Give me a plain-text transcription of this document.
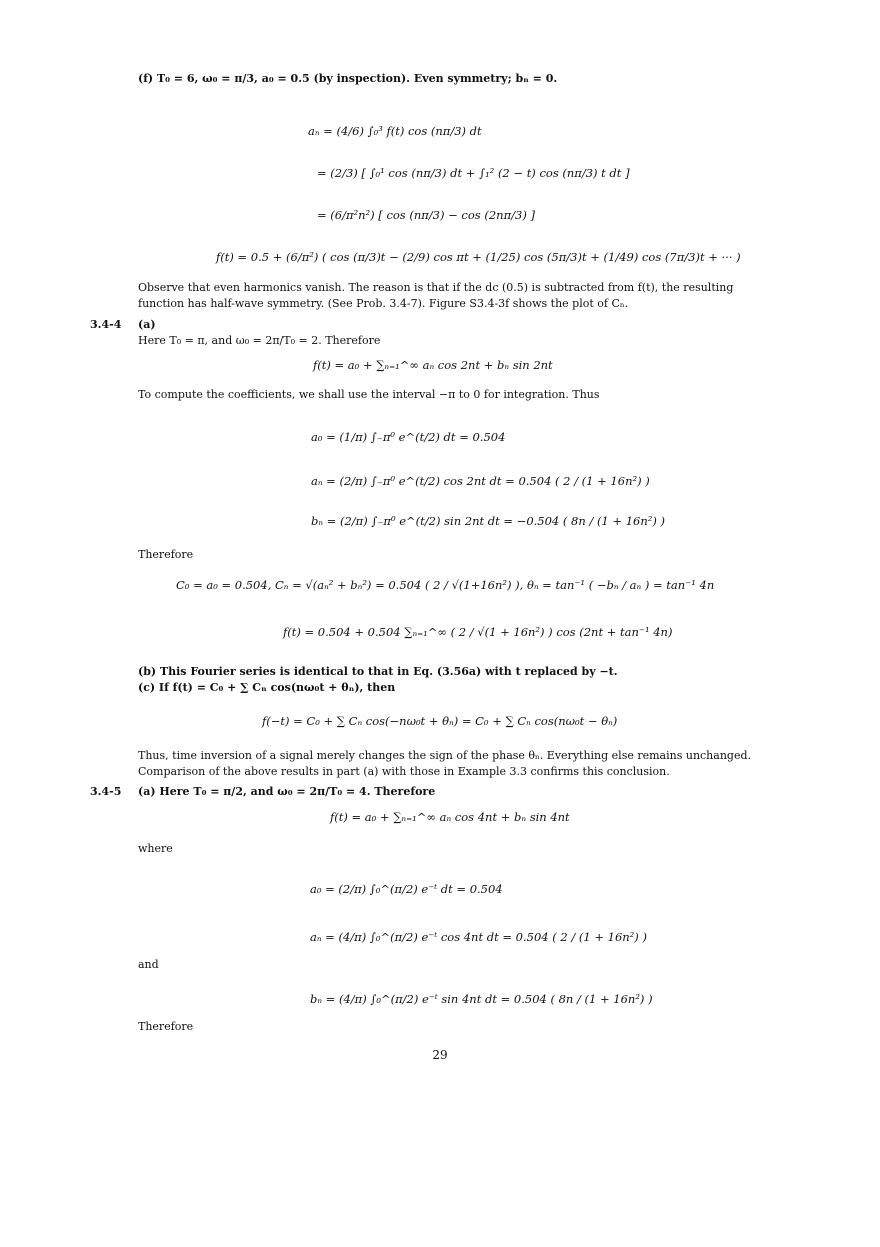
(f) T₀ = 6, ω₀ = π/3, a₀ = 0.5 (by inspection). Even symmetry; bₙ = 0.
aₙ = (4/6) ∫₀³ f(t) cos (nπ/3) dt
= (2/3) [ ∫₀¹ cos (nπ/3) dt + ∫₁² (2 − t) cos (nπ/3) t dt ]
= (6/π²n²) [ cos (nπ/3) − cos (2nπ/3) ]
f(t) = 0.5 + (6/π²) ( cos (π/3)t − (2/9) cos πt + (1/25) cos (5π/3)t + (1/49) cos (7π/3)t + ··· )
Observe that even harmonics vanish. The reason is that if the dc (0.5) is subtracted from f(t), the resulting
function has half-wave symmetry. (See Prob. 3.4-7). Figure S3.4-3f shows the plot of Cₙ.
3.4-4 (a)
Here T₀ = π, and ω₀ = 2π/T₀ = 2. Therefore
f(t) = a₀ + ∑ₙ₌₁^∞ aₙ cos 2nt + bₙ sin 2nt
To compute the coefficients, we shall use the interval −π to 0 for integration. Thus
a₀ = (1/π) ∫₋π⁰ e^(t/2) dt = 0.504
aₙ = (2/π) ∫₋π⁰ e^(t/2) cos 2nt dt = 0.504 ( 2 / (1 + 16n²) )
bₙ = (2/π) ∫₋π⁰ e^(t/2) sin 2nt dt = −0.504 ( 8n / (1 + 16n²) )
Therefore
C₀ = a₀ = 0.504, Cₙ = √(aₙ² + bₙ²) = 0.504 ( 2 / √(1+16n²) ), θₙ = tan⁻¹ ( −bₙ / aₙ ) = tan⁻¹ 4n
f(t) = 0.504 + 0.504 ∑ₙ₌₁^∞ ( 2 / √(1 + 16n²) ) cos (2nt + tan⁻¹ 4n)
(b) This Fourier series is identical to that in Eq. (3.56a) with t replaced by −t.
(c) If f(t) = C₀ + ∑ Cₙ cos(nω₀t + θₙ), then
f(−t) = C₀ + ∑ Cₙ cos(−nω₀t + θₙ) = C₀ + ∑ Cₙ cos(nω₀t − θₙ)
Thus, time inversion of a signal merely changes the sign of the phase θₙ. Everything else remains unchanged.
Comparison of the above results in part (a) with those in Example 3.3 confirms this conclusion.
3.4-5 (a) Here T₀ = π/2, and ω₀ = 2π/T₀ = 4. Therefore
f(t) = a₀ + ∑ₙ₌₁^∞ aₙ cos 4nt + bₙ sin 4nt
where
a₀ = (2/π) ∫₀^(π/2) e⁻ᵗ dt = 0.504
aₙ = (4/π) ∫₀^(π/2) e⁻ᵗ cos 4nt dt = 0.504 ( 2 / (1 + 16n²) )
and
bₙ = (4/π) ∫₀^(π/2) e⁻ᵗ sin 4nt dt = 0.504 ( 8n / (1 + 16n²) )
Therefore
29
